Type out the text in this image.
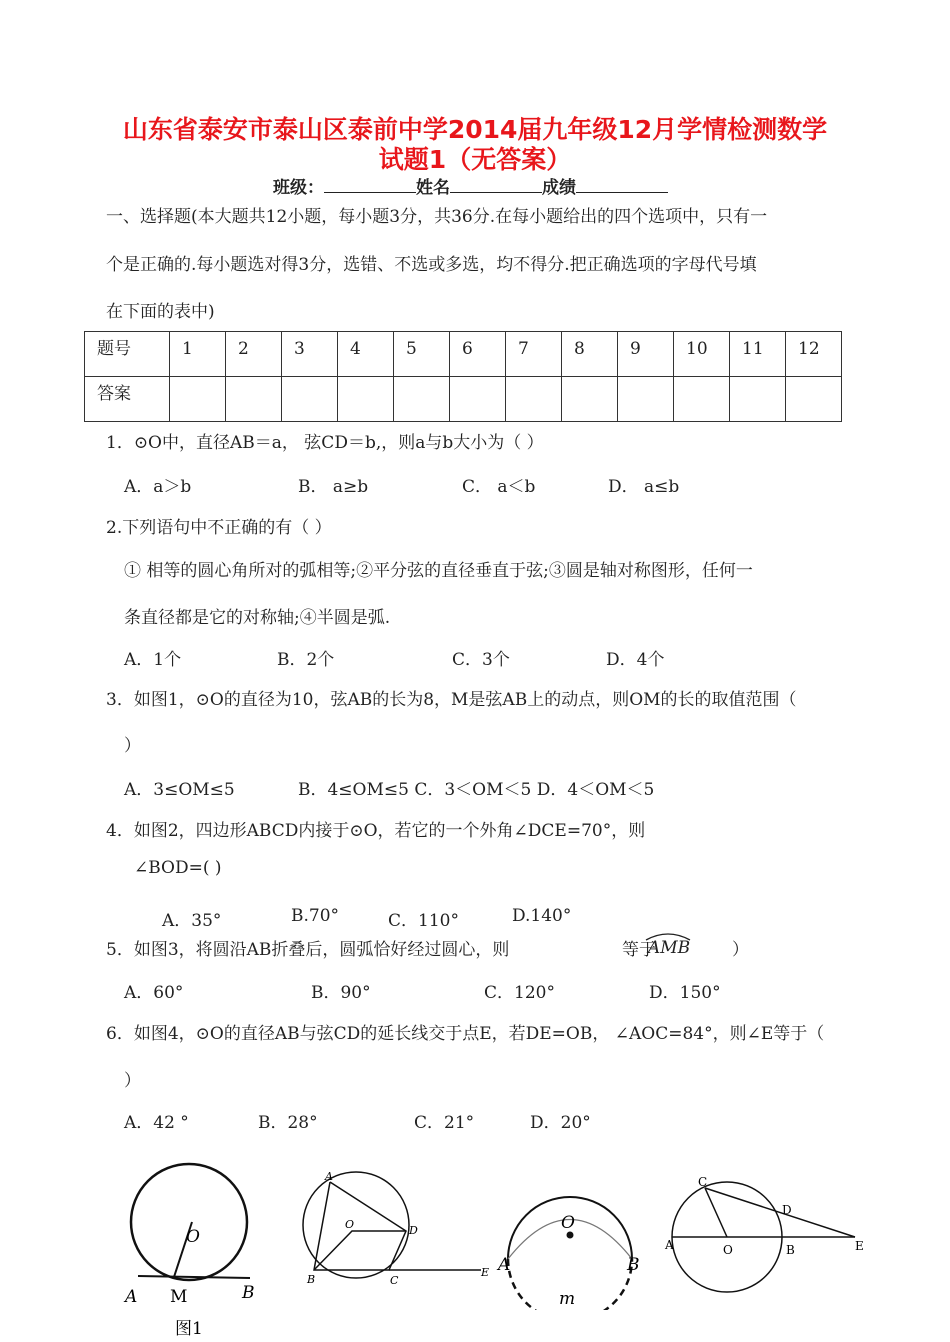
山东省泰安市泰山区泰前中学2014届九年级12月学情检测数学
试题1（无答案）
班级：	姓名	成绩
一、选择题(本大题共12小题，每小题3分，共36分.在每小题给出的四个选项中，只有一
个是正确的.每小题选对得3分，选错、不选或多选，均不得分.把正确选项的字母代号填
在下面的表中)
题号	1	2	3	4	5	6	7	8	9	10	11	12
答案												
1．⊙O中，直径AB＝a， 弦CD＝b,，则a与b大小为（ ）
A．a＞b	B． a≥b	C． a＜b	D． a≤b
2.下列语句中不正确的有（ ）
① 相等的圆心角所对的弧相等;②平分弦的直径垂直于弦;③圆是轴对称图形，任何一
条直径都是它的对称轴;④半圆是弧.
A．1个	B．2个	C．3个	D．4个
3．如图1，⊙O的直径为10，弦AB的长为8，M是弦AB上的动点，则OM的长的取值范围（
）
A．3≤OM≤5	B．4≤OM≤5 C．3＜OM＜5 D．4＜OM＜5
4．如图2，四边形ABCD内接于⊙O，若它的一个外角∠DCE=70°，则
∠BOD=( )
A．35°	B.70°	C．110°	D.140°
5．如图3，将圆沿AB折叠后，圆弧恰好经过圆心，则	等于
AMB ）
A．60°	B．90°	C．120°	D．150°
6．如图4，⊙O的直径AB与弦CD的延长线交于点E，若DE=OB， ∠AOC=84°，则∠E等于（
）
A．42 °	B．28°	C．21°	D．20°
O
A M	B
图1
A
O	D
B	C
E
O
A	B
m
C
D
A	O	B	E
